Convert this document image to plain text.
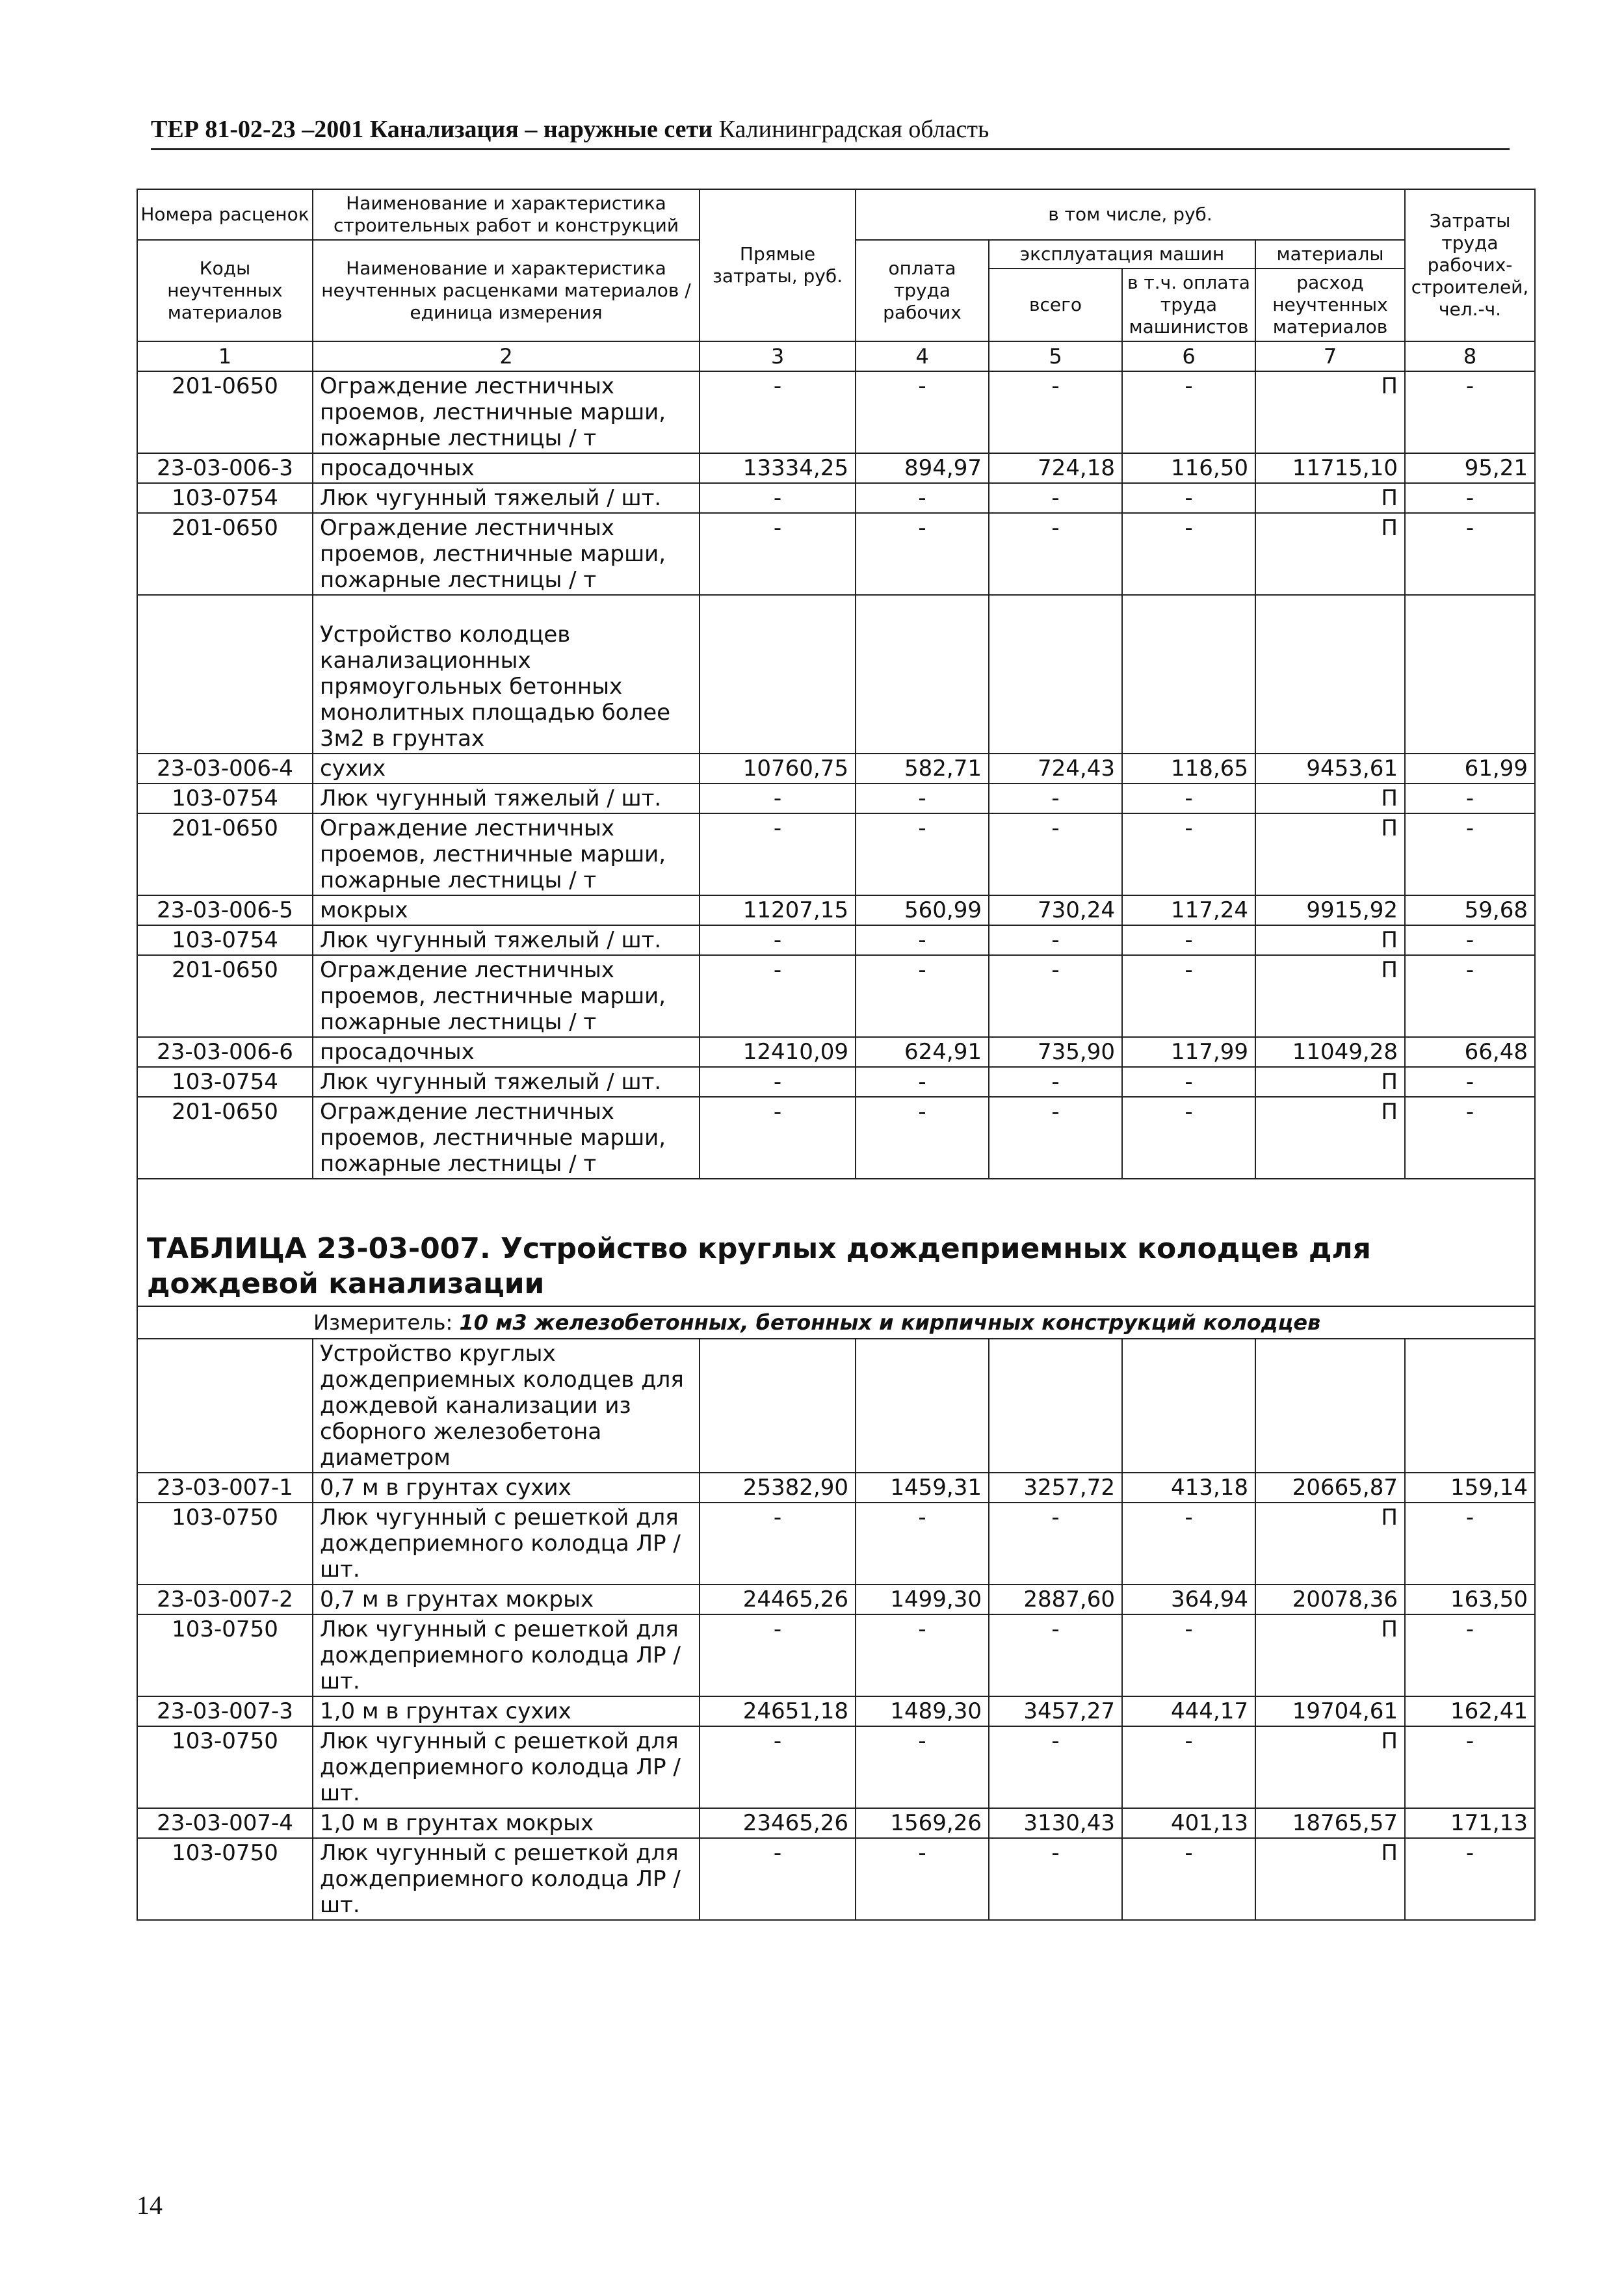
ТЕР 81-02-23 –2001 Канализация – наружные сети Калининградская область
Номера расценок	Наименование и характеристика строительных работ и конструкций	Прямые затраты, руб.	в том числе, руб.				Затраты труда рабочих-строителей, чел.-ч.
Коды неучтенных материалов	Наименование и характеристика неучтенных расценками материалов / единица измерения		оплата труда рабочих	эксплуатация машин		материалы	
				всего	в т.ч. оплата труда машинистов	расход неучтенных материалов	
1	2	3	4	5	6	7	8
201-0650	Ограждение лестничных проемов, лестничные марши, пожарные лестницы / т	-	-	-	-	П	-
23-03-006-3	просадочных	13334,25	894,97	724,18	116,50	11715,10	95,21
103-0754	Люк чугунный тяжелый / шт.	-	-	-	-	П	-
201-0650	Ограждение лестничных проемов, лестничные марши, пожарные лестницы / т	-	-	-	-	П	-
	Устройство колодцев канализационных прямоугольных бетонных монолитных площадью более 3м2 в грунтах						
23-03-006-4	сухих	10760,75	582,71	724,43	118,65	9453,61	61,99
103-0754	Люк чугунный тяжелый / шт.	-	-	-	-	П	-
201-0650	Ограждение лестничных проемов, лестничные марши, пожарные лестницы / т	-	-	-	-	П	-
23-03-006-5	мокрых	11207,15	560,99	730,24	117,24	9915,92	59,68
103-0754	Люк чугунный тяжелый / шт.	-	-	-	-	П	-
201-0650	Ограждение лестничных проемов, лестничные марши, пожарные лестницы / т	-	-	-	-	П	-
23-03-006-6	просадочных	12410,09	624,91	735,90	117,99	11049,28	66,48
103-0754	Люк чугунный тяжелый / шт.	-	-	-	-	П	-
201-0650	Ограждение лестничных проемов, лестничные марши, пожарные лестницы / т	-	-	-	-	П	-
ТАБЛИЦА 23-03-007. Устройство круглых дождеприемных колодцев для дождевой канализации							
Измеритель: 10 м3 железобетонных, бетонных и кирпичных конструкций колодцев							
	Устройство круглых дождеприемных колодцев для дождевой канализации из сборного железобетона диаметром						
23-03-007-1	0,7 м в грунтах сухих	25382,90	1459,31	3257,72	413,18	20665,87	159,14
103-0750	Люк чугунный с решеткой для дождеприемного колодца ЛР / шт.	-	-	-	-	П	-
23-03-007-2	0,7 м в грунтах мокрых	24465,26	1499,30	2887,60	364,94	20078,36	163,50
103-0750	Люк чугунный с решеткой для дождеприемного колодца ЛР / шт.	-	-	-	-	П	-
23-03-007-3	1,0 м в грунтах сухих	24651,18	1489,30	3457,27	444,17	19704,61	162,41
103-0750	Люк чугунный с решеткой для дождеприемного колодца ЛР / шт.	-	-	-	-	П	-
23-03-007-4	1,0 м в грунтах мокрых	23465,26	1569,26	3130,43	401,13	18765,57	171,13
103-0750	Люк чугунный с решеткой для дождеприемного колодца ЛР / шт.	-	-	-	-	П	-
14
